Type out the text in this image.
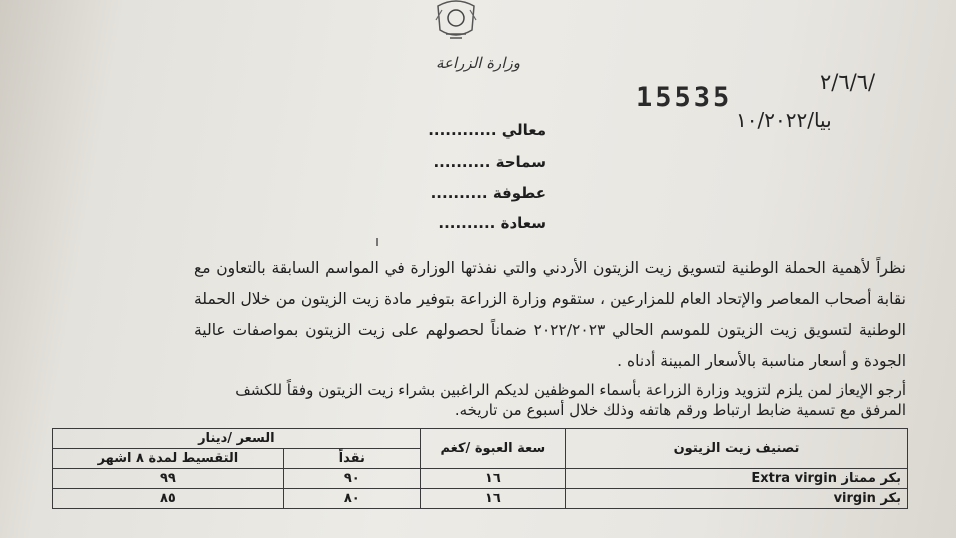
وزارة الزراعة
15535	٢/٦/٦/
بيا/١٠/٢٠٢٢
معالي ............
سماحة ..........
عطوفة ..........
سعادة ..........
نظراً لأهمية الحملة الوطنية لتسويق زيت الزيتون الأردني والتي نفذتها الوزارة في المواسم السابقة بالتعاون مع نقابة أصحاب المعاصر والإتحاد العام للمزارعين ، ستقوم وزارة الزراعة بتوفير مادة زيت الزيتون من خلال الحملة الوطنية لتسويق زيت الزيتون للموسم الحالي ٢٠٢٢/٢٠٢٣ ضماناً لحصولهم على زيت الزيتون بمواصفات عالية الجودة و أسعار مناسبة بالأسعار المبينة أدناه .
أرجو الإيعاز لمن يلزم لتزويد وزارة الزراعة بأسماء الموظفين لديكم الراغبين بشراء زيت الزيتون وفقاً للكشف المرفق مع تسمية ضابط ارتباط ورقم هاتفه وذلك خلال أسبوع من تاريخه.
تصنيف زيت الزيتون	سعة العبوة /كغم	السعر /دينار	
		نقداً	التقسيط لمدة ٨ اشهر
بكر ممتاز Extra virgin	١٦	٩٠	٩٩
بكر virgin	١٦	٨٠	٨٥
